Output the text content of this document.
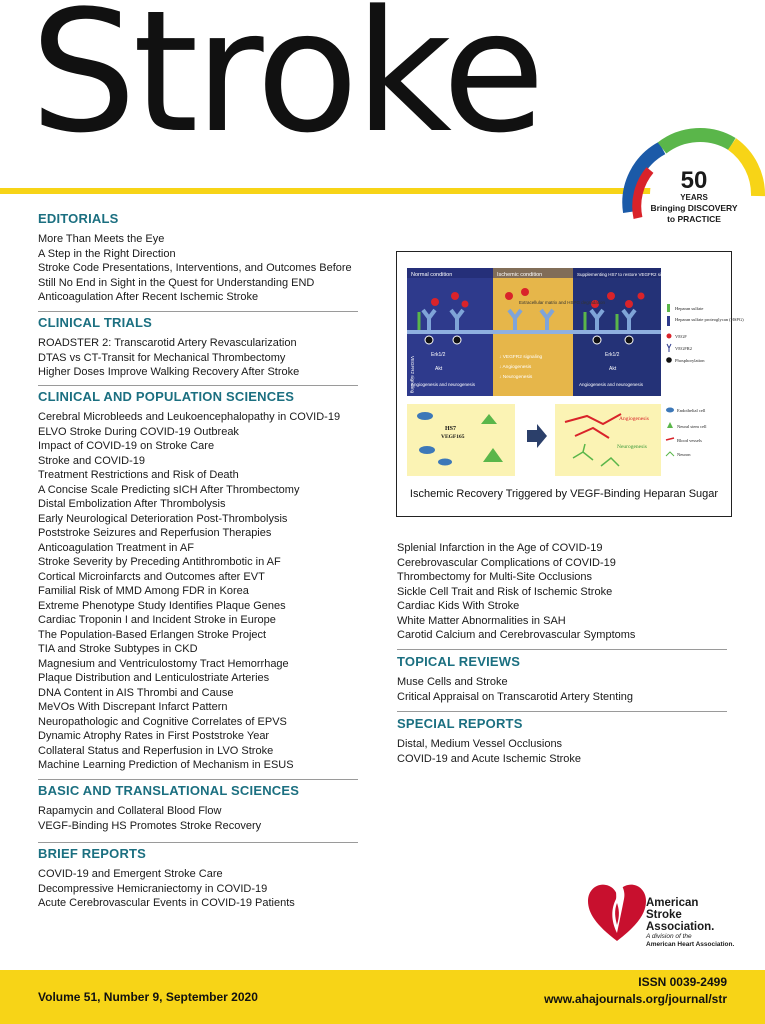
Stroke
50
YEARS
Bringing DISCOVERY
to PRACTICE
EDITORIALS
More Than Meets the Eye
A Step in the Right Direction
Stroke Code Presentations, Interventions, and Outcomes Before
Still No End in Sight in the Quest for Understanding END
Anticoagulation After Recent Ischemic Stroke
CLINICAL TRIALS
ROADSTER 2: Transcarotid Artery Revascularization
DTAS vs CT-Transit for Mechanical Thrombectomy
Higher Doses Improve Walking Recovery After Stroke
CLINICAL AND POPULATION SCIENCES
Cerebral Microbleeds and Leukoencephalopathy in COVID-19
ELVO Stroke During COVID-19 Outbreak
Impact of COVID-19 on Stroke Care
Stroke and COVID-19
Treatment Restrictions and Risk of Death
A Concise Scale Predicting sICH After Thrombectomy
Distal Embolization After Thrombolysis
Early Neurological Deterioration Post-Thrombolysis
Poststroke Seizures and Reperfusion Therapies
Anticoagulation Treatment in AF
Stroke Severity by Preceding Antithrombotic in AF
Cortical Microinfarcts and Outcomes after EVT
Familial Risk of MMD Among FDR in Korea
Extreme Phenotype Study Identifies Plaque Genes
Cardiac Troponin I and Incident Stroke in Europe
The Population-Based Erlangen Stroke Project
TIA and Stroke Subtypes in CKD
Magnesium and Ventriculostomy Tract Hemorrhage
Plaque Distribution and Lenticulostriate Arteries
DNA Content in AIS Thrombi and Cause
MeVOs With Discrepant Infarct Pattern
Neuropathologic and Cognitive Correlates of EPVS
Dynamic Atrophy Rates in First Poststroke Year
Collateral Status and Reperfusion in LVO Stroke
Machine Learning Prediction of Mechanism in ESUS
BASIC AND TRANSLATIONAL SCIENCES
Rapamycin and Collateral Blood Flow
VEGF-Binding HS Promotes Stroke Recovery
BRIEF REPORTS
COVID-19 and Emergent Stroke Care
Decompressive Hemicraniectomy in COVID-19
Acute Cerebrovascular Events in COVID-19 Patients
Normal condition	Ischemic condition	Supplementing HS7 to restore VEGFR2 signaling
Extracellular matrix and HSPG degradation
VEGFR2 signaling
Erk1/2
Akt
Angiogenesis and neurogenesis
↓ VEGFR2 signaling
↓ Angiogenesis
↓ Neurogenesis
Erk1/2
Akt
Angiogenesis and neurogenesis
Heparan sulfate
Heparan sulfate proteoglycan (HSPG)
VEGF
VEGFR2
Phosphorylation
HS7
VEGF165
Angiogenesis
Neurogenesis
Endothelial cell
Neural stem cell
Blood vessels
Neuron
Ischemic Recovery Triggered by VEGF-Binding Heparan Sugar
Splenial Infarction in the Age of COVID-19
Cerebrovascular Complications of COVID-19
Thrombectomy for Multi-Site Occlusions
Sickle Cell Trait and Risk of Ischemic Stroke
Cardiac Kids With Stroke
White Matter Abnormalities in SAH
Carotid Calcium and Cerebrovascular Symptoms
TOPICAL REVIEWS
Muse Cells and Stroke
Critical Appraisal on Transcarotid Artery Stenting
SPECIAL REPORTS
Distal, Medium Vessel Occlusions
COVID-19 and Acute Ischemic Stroke
American
Stroke
Association.
A division of the
American Heart Association.
Volume 51, Number 9, September 2020
ISSN 0039-2499
www.ahajournals.org/journal/str
